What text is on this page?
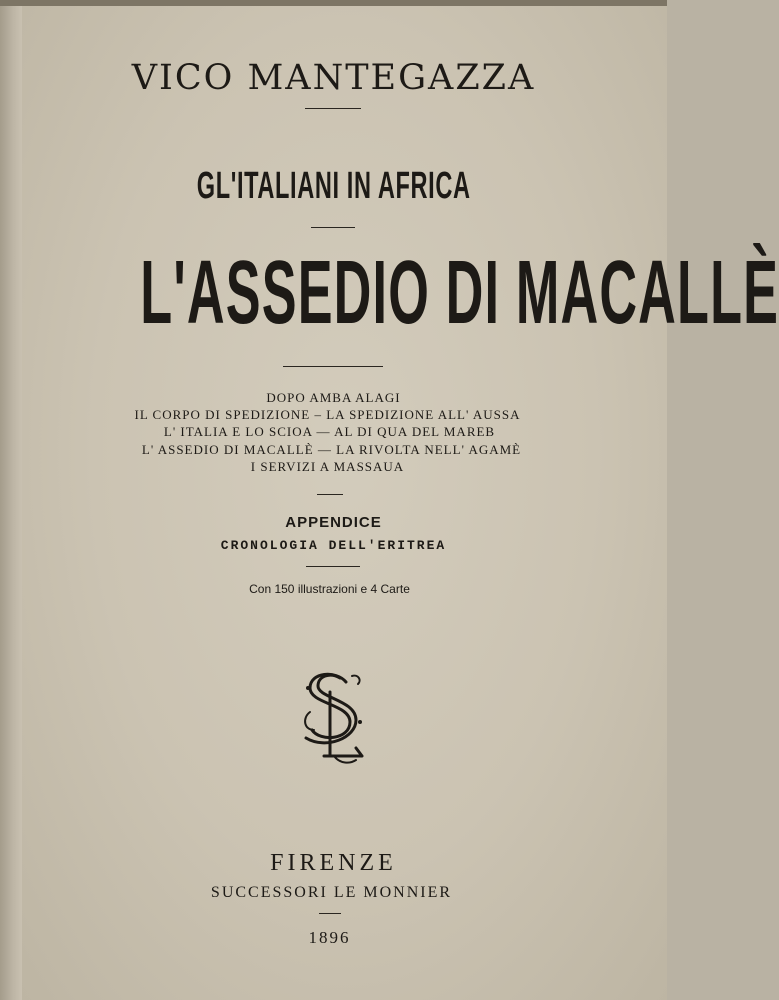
VICO MANTEGAZZA
GL'ITALIANI IN AFRICA
L'ASSEDIO DI MACALLÈ
DOPO AMBA ALAGI
IL CORPO DI SPEDIZIONE – LA SPEDIZIONE ALL' AUSSA
L' ITALIA E LO SCIOA — AL DI QUA DEL MAREB
L' ASSEDIO DI MACALLÈ — LA RIVOLTA NELL' AGAMÈ
I SERVIZI A MASSAUA
APPENDICE
CRONOLOGIA DELL'ERITREA
Con 150 illustrazioni e 4 Carte
FIRENZE
SUCCESSORI LE MONNIER
1896
